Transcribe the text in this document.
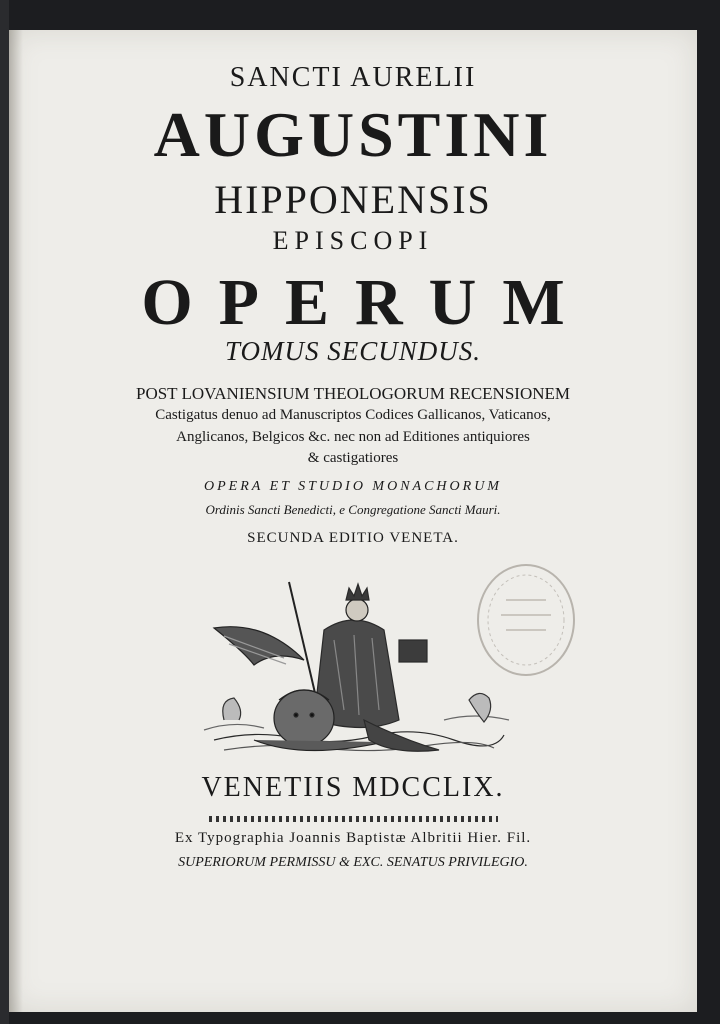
SANCTI AURELII
AUGUSTINI
HIPPONENSIS
EPISCOPI
OPERUM
TOMUS SECUNDUS.
POST LOVANIENSIUM THEOLOGORUM RECENSIONEM
Castigatus denuo ad Manuscriptos Codices Gallicanos, Vaticanos,
Anglicanos, Belgicos &c. nec non ad Editiones antiquiores
& castigatiores
OPERA ET STUDIO MONACHORUM
Ordinis Sancti Benedicti, e Congregatione Sancti Mauri.
SECUNDA EDITIO VENETA.
VENETIIS MDCCLIX.
Ex Typographia Joannis Baptistæ Albritii Hier. Fil.
SUPERIORUM PERMISSU & EXC. SENATUS PRIVILEGIO.
